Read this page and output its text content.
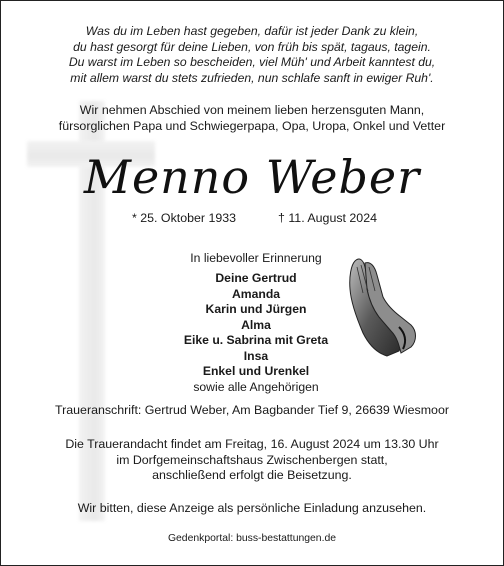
Was du im Leben hast gegeben, dafür ist jeder Dank zu klein,
du hast gesorgt für deine Lieben, von früh bis spät, tagaus, tagein.
Du warst im Leben so bescheiden, viel Müh' und Arbeit kanntest du,
mit allem warst du stets zufrieden, nun schlafe sanft in ewiger Ruh'.
Wir nehmen Abschied von meinem lieben herzensguten Mann,
fürsorglichen Papa und Schwiegerpapa, Opa, Uropa, Onkel und Vetter
Menno Weber
* 25. Oktober 1933	† 11. August 2024
In liebevoller Erinnerung
Deine Gertrud
Amanda
Karin und Jürgen
Alma
Eike u. Sabrina mit Greta
Insa
Enkel und Urenkel
sowie alle Angehörigen
Traueranschrift: Gertrud Weber, Am Bagbander Tief 9, 26639 Wiesmoor
Die Trauerandacht findet am Freitag, 16. August 2024 um 13.30 Uhr
im Dorfgemeinschaftshaus Zwischenbergen statt,
anschließend erfolgt die Beisetzung.
Wir bitten, diese Anzeige als persönliche Einladung anzusehen.
Gedenkportal: buss-bestattungen.de
